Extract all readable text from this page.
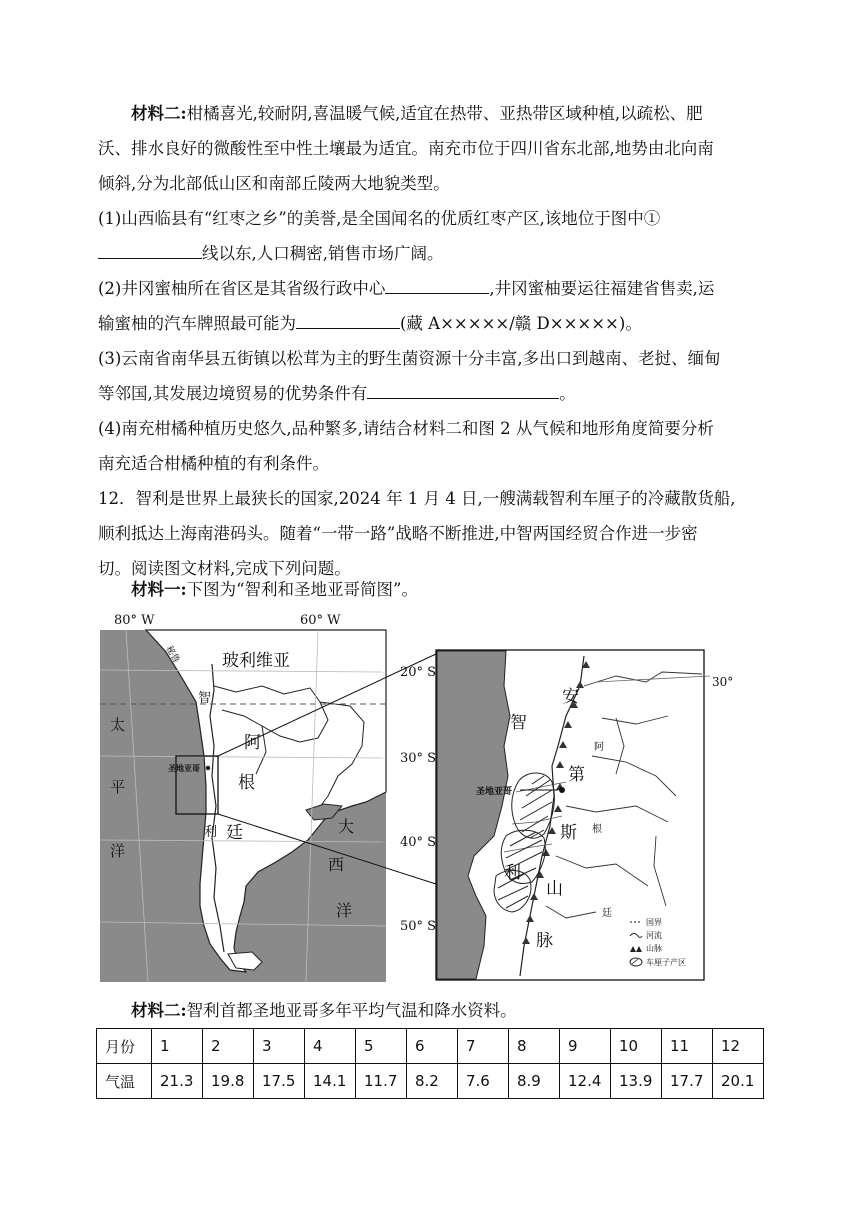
材料二:柑橘喜光,较耐阴,喜温暖气候,适宜在热带、亚热带区域种植,以疏松、肥

沃、排水良好的微酸性至中性土壤最为适宜。南充市位于四川省东北部,地势由北向南

倾斜,分为北部低山区和南部丘陵两大地貌类型。

(1)山西临县有“红枣之乡”的美誉,是全国闻名的优质红枣产区,该地位于图中①

线以东,人口稠密,销售市场广阔。

(2)井冈蜜柚所在省区是其省级行政中心	,井冈蜜柚要运往福建省售卖,运

输蜜柚的汽车牌照最可能为	(藏 A×××××/赣 D×××××)。

(3)云南省南华县五街镇以松茸为主的野生菌资源十分丰富,多出口到越南、老挝、缅甸

等邻国,其发展边境贸易的优势条件有	。

(4)南充柑橘种植历史悠久,品种繁多,请结合材料二和图 2 从气候和地形角度简要分析

南充适合柑橘种植的有利条件。

12．智利是世界上最狭长的国家,2024 年 1 月 4 日,一艘满载智利车厘子的冷藏散货船,

顺利抵达上海南港码头。随着“一带一路”战略不断推进,中智两国经贸合作进一步密

切。阅读图文材料,完成下列问题。

材料一:下图为“智利和圣地亚哥简图”。

80° W	60° W
20° S
30° S
40° S
50° S
玻利维亚
秘鲁
智
利
太
平
洋
阿
根
廷	大
西
洋
圣地亚哥
圣地亚哥
30°
智
利
安
第
斯
山
脉
阿
根
廷
国界
河流
山脉
车厘子产区

材料二:智利首都圣地亚哥多年平均气温和降水资料。

月份	1	2	3	4	5	6	7	8	9	10	11	12
气温	21.3	19.8	17.5	14.1	11.7	8.2	7.6	8.9	12.4	13.9	17.7	20.1
